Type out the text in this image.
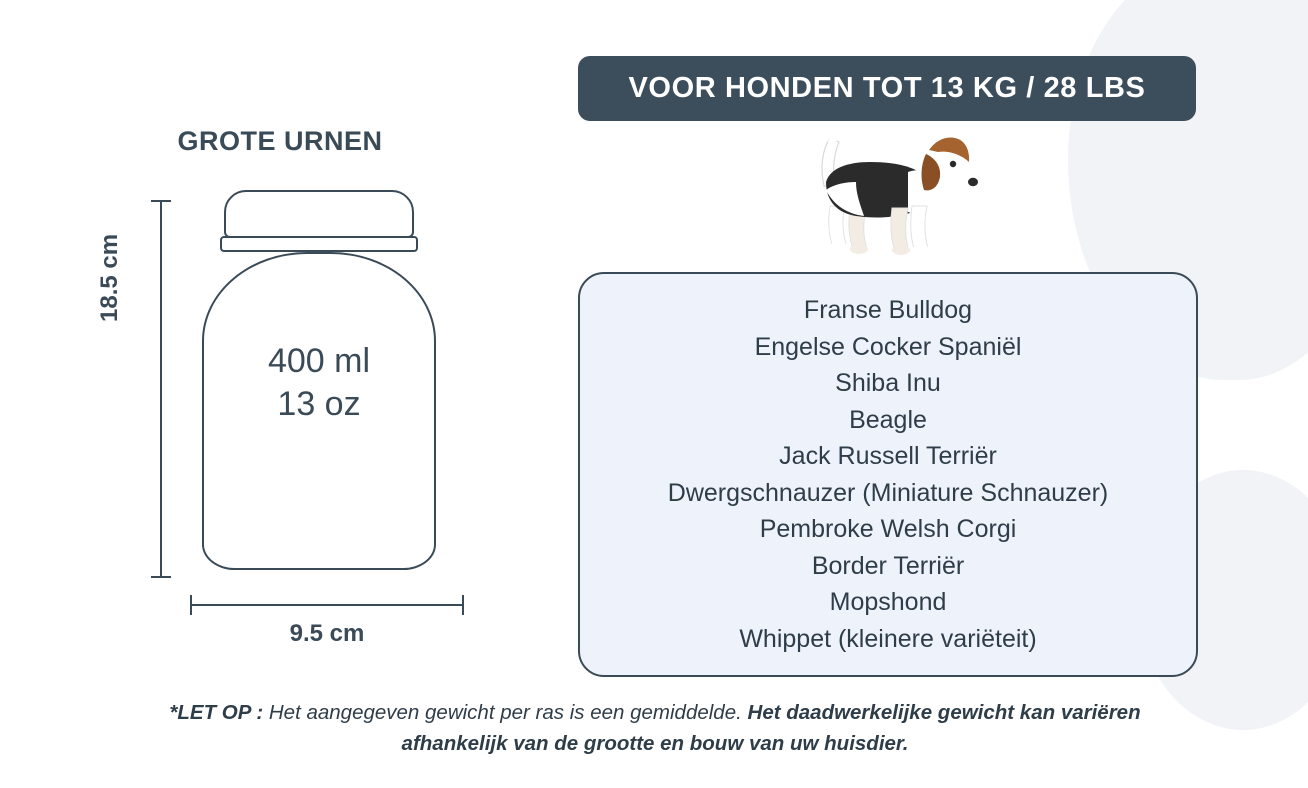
GROTE URNEN
400 ml
13 oz
18.5 cm
9.5 cm
VOOR HONDEN TOT 13 KG / 28 LBS
Franse Bulldog
Engelse Cocker Spaniël
Shiba Inu
Beagle
Jack Russell Terriër
Dwergschnauzer (Miniature Schnauzer)
Pembroke Welsh Corgi
Border Terriër
Mopshond
Whippet (kleinere variëteit)
*LET OP : Het aangegeven gewicht per ras is een gemiddelde. Het daadwerkelijke gewicht kan variëren afhankelijk van de grootte en bouw van uw huisdier.
